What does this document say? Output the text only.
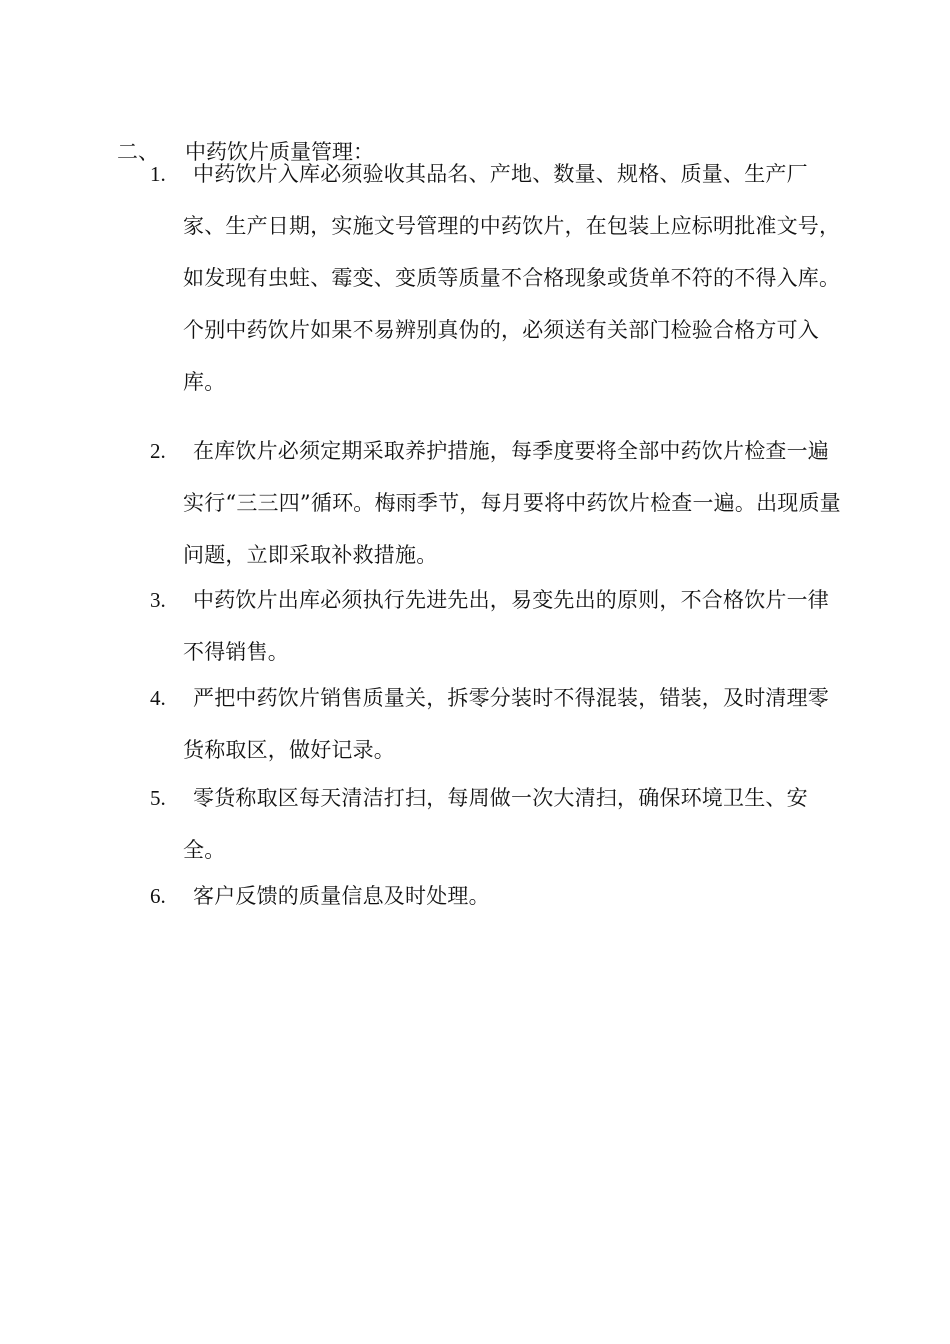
二、 中药饮片质量管理：
1.	中药饮片入库必须验收其品名、产地、数量、规格、质量、生产厂家、生产日期，实施文号管理的中药饮片，在包装上应标明批准文号，如发现有虫蛀、霉变、变质等质量不合格现象或货单不符的不得入库。个别中药饮片如果不易辨别真伪的，必须送有关部门检验合格方可入库。
2.	在库饮片必须定期采取养护措施，每季度要将全部中药饮片检查一遍实行“三三四”循环。梅雨季节，每月要将中药饮片检查一遍。出现质量问题，立即采取补救措施。
3.	中药饮片出库必须执行先进先出，易变先出的原则，不合格饮片一律不得销售。
4.	严把中药饮片销售质量关，拆零分装时不得混装，错装，及时清理零货称取区，做好记录。
5.	零货称取区每天清洁打扫，每周做一次大清扫，确保环境卫生、安全。
6.	客户反馈的质量信息及时处理。
